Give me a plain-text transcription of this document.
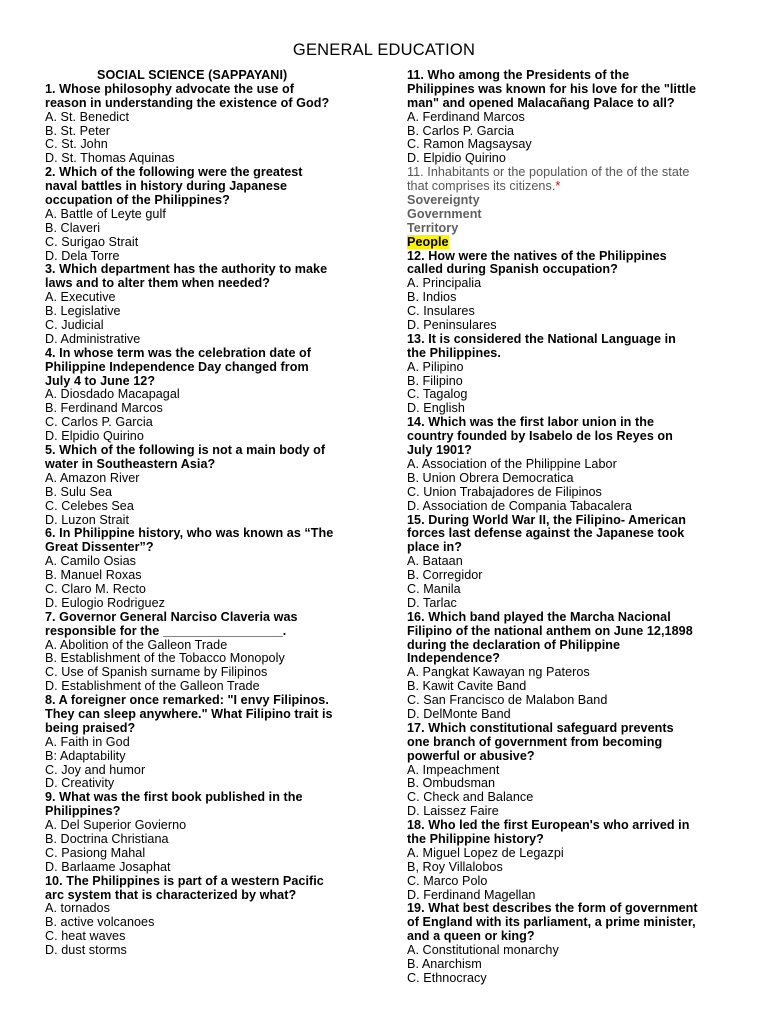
GENERAL EDUCATION
SOCIAL SCIENCE (SAPPAYANI)
1. Whose philosophy advocate the use of
reason in understanding the existence of God?
A. St. Benedict
B. St. Peter
C. St. John
D. St. Thomas Aquinas
2. Which of the following were the greatest
naval battles in history during Japanese
occupation of the Philippines?
A. Battle of Leyte gulf
B. Claveri
C. Surigao Strait
D. Dela Torre
3. Which department has the authority to make
laws and to alter them when needed?
A. Executive
B. Legislative
C. Judicial
D. Administrative
4. In whose term was the celebration date of
Philippine Independence Day changed from
July 4 to June 12?
A. Diosdado Macapagal
B. Ferdinand Marcos
C. Carlos P. Garcia
D. Elpidio Quirino
5. Which of the following is not a main body of
water in Southeastern Asia?
A. Amazon River
B. Sulu Sea
C. Celebes Sea
D. Luzon Strait
6. In Philippine history, who was known as “The
Great Dissenter”?
A. Camilo Osias
B. Manuel Roxas
C. Claro M. Recto
D. Eulogio Rodriguez
7. Governor General Narciso Claveria was
responsible for the _________________.
A. Abolition of the Galleon Trade
B. Establishment of the Tobacco Monopoly
C. Use of Spanish surname by Filipinos
D. Establishment of the Galleon Trade
8. A foreigner once remarked: "I envy Filipinos.
They can sleep anywhere." What Filipino trait is
being praised?
A. Faith in God
B: Adaptability
C. Joy and humor
D. Creativity
9. What was the first book published in the
Philippines?
A. Del Superior Govierno
B. Doctrina Christiana
C. Pasiong Mahal
D. Barlaame Josaphat
10. The Philippines is part of a western Pacific
arc system that is characterized by what?
A. tornados
B. active volcanoes
C. heat waves
D. dust storms
11. Who among the Presidents of the
Philippines was known for his love for the "little
man" and opened Malacañang Palace to all?
A. Ferdinand Marcos
B. Carlos P. Garcia
C. Ramon Magsaysay
D. Elpidio Quirino
11. Inhabitants or the population of the of the state
that comprises its citizens.*
Sovereignty
Government
Territory
People
12. How were the natives of the Philippines
called during Spanish occupation?
A. Principalia
B. Indios
C. Insulares
D. Peninsulares
13. It is considered the National Language in
the Philippines.
A. Pilipino
B. Filipino
C. Tagalog
D. English
14. Which was the first labor union in the
country founded by Isabelo de los Reyes on
July 1901?
A. Association of the Philippine Labor
B. Union Obrera Democratica
C. Union Trabajadores de Filipinos
D. Association de Compania Tabacalera
15. During World War II, the Filipino- American
forces last defense against the Japanese took
place in?
A. Bataan
B. Corregidor
C. Manila
D. Tarlac
16. Which band played the Marcha Nacional
Filipino of the national anthem on June 12,1898
during the declaration of Philippine
Independence?
A. Pangkat Kawayan ng Pateros
B. Kawit Cavite Band
C. San Francisco de Malabon Band
D. DelMonte Band
17. Which constitutional safeguard prevents
one branch of government from becoming
powerful or abusive?
A. Impeachment
B. Ombudsman
C. Check and Balance
D. Laissez Faire
18. Who led the first European's who arrived in
the Philippine history?
A. Miguel Lopez de Legazpi
B, Roy Villalobos
C. Marco Polo
D. Ferdinand Magellan
19. What best describes the form of government
of England with its parliament, a prime minister,
and a queen or king?
A. Constitutional monarchy
B. Anarchism
C. Ethnocracy
